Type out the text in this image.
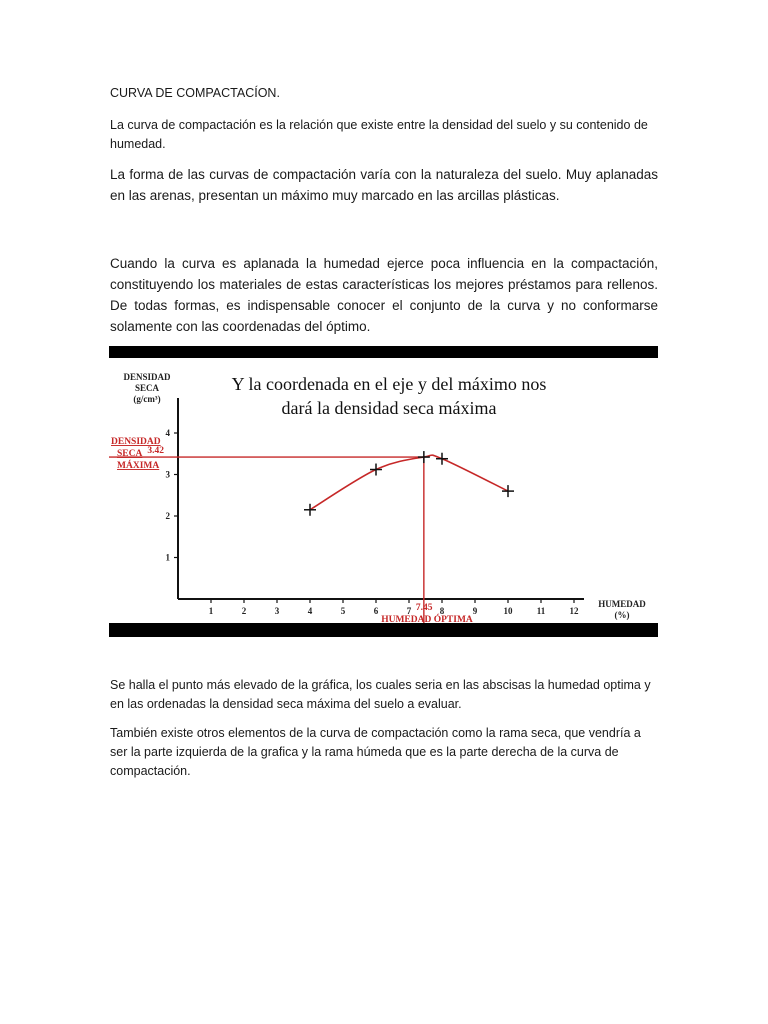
CURVA DE COMPACTACÍON.

La curva de compactación es la relación que existe entre la densidad del suelo y su contenido de humedad.

La forma de las curvas de compactación varía con la naturaleza del suelo. Muy aplanadas en las arenas, presentan un máximo muy marcado en las arcillas plásticas.

Cuando la curva es aplanada la humedad ejerce poca influencia en la compactación, constituyendo los materiales de estas características los mejores préstamos para rellenos. De todas formas, es indispensable conocer el conjunto de la curva y no conformarse solamente con las coordenadas del óptimo.

Se halla el punto más elevado de la gráfica, los cuales seria en las abscisas la humedad optima y en las ordenadas la densidad seca máxima del suelo a evaluar.

También existe otros elementos de la curva de compactación como la rama seca, que vendría a ser la parte izquierda de la grafica y la rama húmeda que es la parte derecha de la curva de compactación.

Y la coordenada en el eje y del máximo nos
dará la densidad seca máxima
DENSIDAD
SECA
(g/cm³)
HUMEDAD
(%)
1
2
3
4
1	2	3	4	5	6	7	8	9	10	11	12
DENSIDAD
SECA
MÁXIMA
3.42
7.45
HUMEDAD ÓPTIMA
